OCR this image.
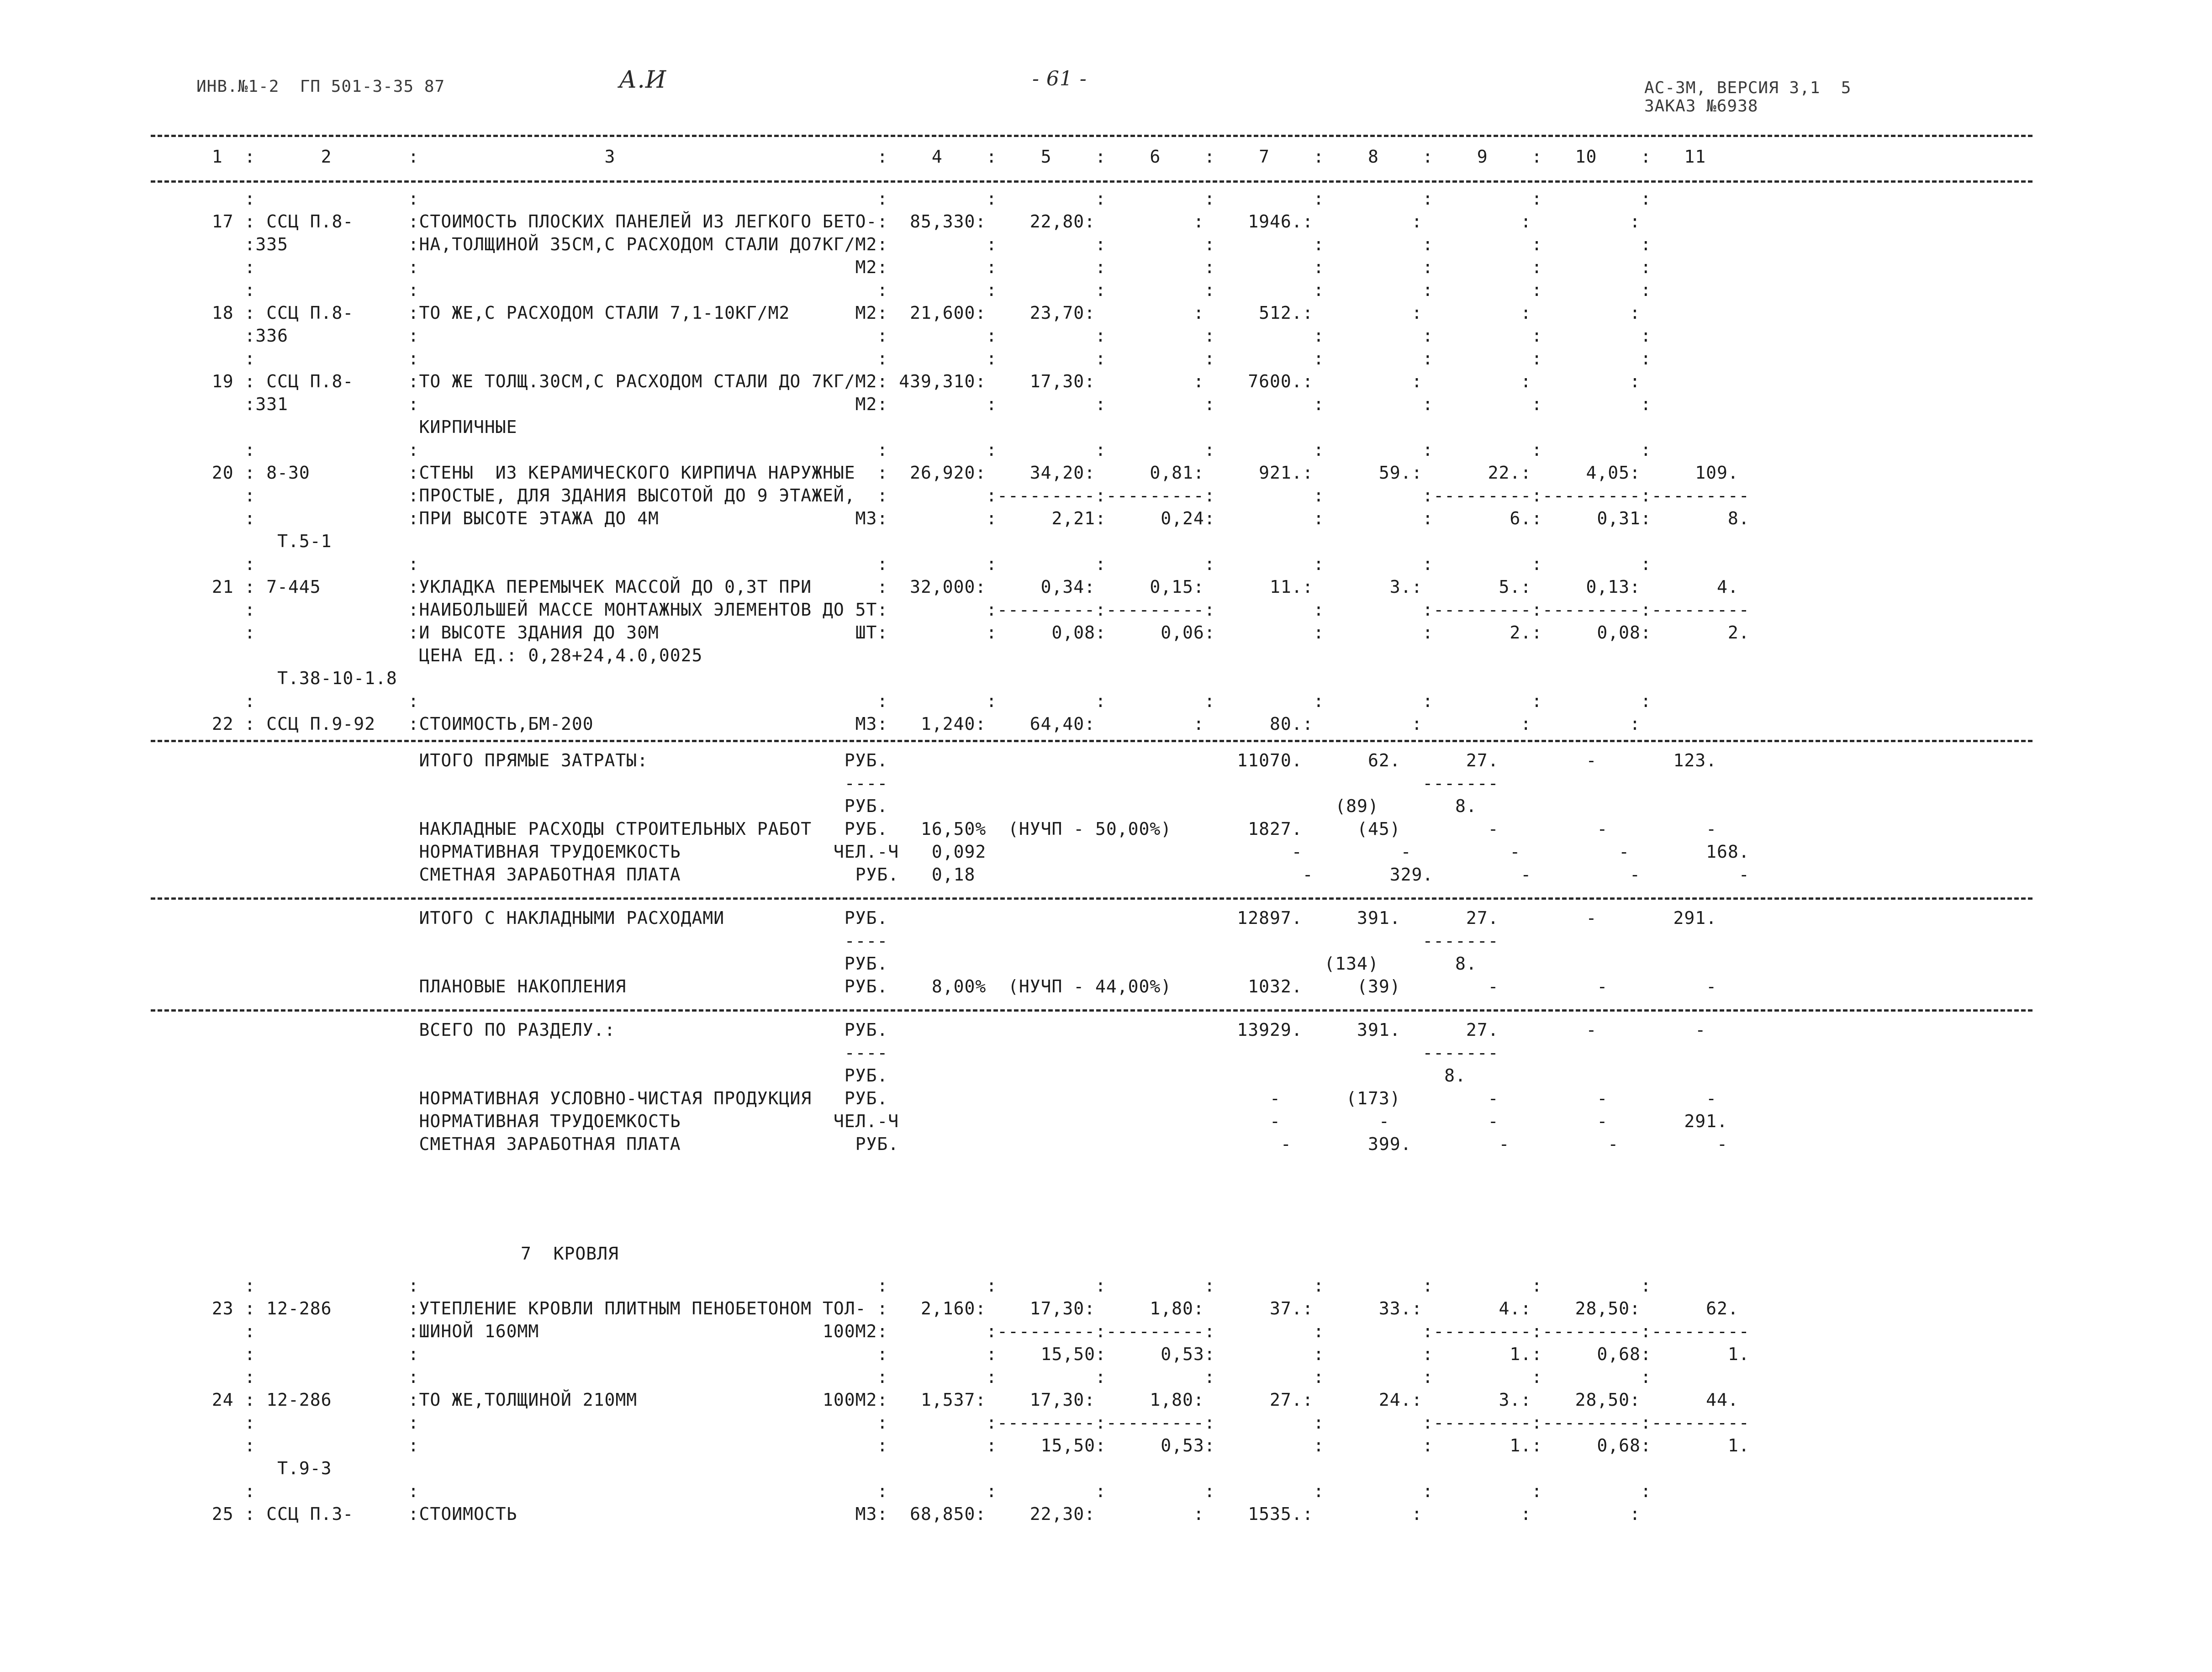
ИНВ.№1-2  ГП 501-3-35 87	А.И	- 61 -	АС-3М, ВЕРСИЯ 3,1  5
ЗАКАЗ №6938
1  :      2       :                 3                        :    4    :    5    :    6    :    7    :    8    :    9    :   10    :   11
:              :                                          :         :         :         :         :         :         :         :
17 : ССЦ П.8-     :СТОИМОСТЬ ПЛОСКИХ ПАНЕЛЕЙ ИЗ ЛЕГКОГО БЕТО-:  85,330:    22,80:         :    1946.:         :         :         :
:335           :НА,ТОЛЩИНОЙ 35СМ,С РАСХОДОМ СТАЛИ ДО7КГ/М2:         :         :         :         :         :         :         :
:              :                                        М2:         :         :         :         :         :         :         :
:              :                                          :         :         :         :         :         :         :         :
18 : ССЦ П.8-     :ТО ЖЕ,С РАСХОДОМ СТАЛИ 7,1-10КГ/М2      М2:  21,600:    23,70:         :     512.:         :         :         :
:336           :                                          :         :         :         :         :         :         :         :
:              :                                          :         :         :         :         :         :         :         :
19 : ССЦ П.8-     :ТО ЖЕ ТОЛЩ.30СМ,С РАСХОДОМ СТАЛИ ДО 7КГ/М2: 439,310:    17,30:         :    7600.:         :         :         :
:331           :                                        М2:         :         :         :         :         :         :         :
КИРПИЧНЫЕ
:              :                                          :         :         :         :         :         :         :         :
20 : 8-30         :СТЕНЫ  ИЗ КЕРАМИЧЕСКОГО КИРПИЧА НАРУЖНЫЕ  :  26,920:    34,20:     0,81:     921.:      59.:      22.:     4,05:     109.
:              :ПРОСТЫЕ, ДЛЯ ЗДАНИЯ ВЫСОТОЙ ДО 9 ЭТАЖЕЙ,  :         :---------:---------:         :         :---------:---------:---------
:              :ПРИ ВЫСОТЕ ЭТАЖА ДО 4М                  М3:         :     2,21:     0,24:         :         :       6.:     0,31:       8.
Т.5-1
:              :                                          :         :         :         :         :         :         :         :
21 : 7-445        :УКЛАДКА ПЕРЕМЫЧЕК МАССОЙ ДО 0,3Т ПРИ      :  32,000:     0,34:     0,15:      11.:       3.:       5.:     0,13:       4.
:              :НАИБОЛЬШЕЙ МАССЕ МОНТАЖНЫХ ЭЛЕМЕНТОВ ДО 5Т:         :---------:---------:         :         :---------:---------:---------
:              :И ВЫСОТЕ ЗДАНИЯ ДО 30М                  ШТ:         :     0,08:     0,06:         :         :       2.:     0,08:       2.
ЦЕНА ЕД.: 0,28+24,4.0,0025
Т.38-10-1.8
:              :                                          :         :         :         :         :         :         :         :
22 : ССЦ П.9-92   :СТОИМОСТЬ,БМ-200                        М3:   1,240:    64,40:         :      80.:         :         :         :
ИТОГО ПРЯМЫЕ ЗАТРАТЫ:                  РУБ.                                11070.      62.      27.        -       123.
----                                                 -------
РУБ.                                         (89)       8.
НАКЛАДНЫЕ РАСХОДЫ СТРОИТЕЛЬНЫХ РАБОТ   РУБ.   16,50%  (НУЧП - 50,00%)       1827.     (45)        -         -         -
НОРМАТИВНАЯ ТРУДОЕМКОСТЬ              ЧЕЛ.-Ч   0,092                            -         -         -         -       168.
СМЕТНАЯ ЗАРАБОТНАЯ ПЛАТА                РУБ.   0,18                              -       329.        -         -         -
ИТОГО С НАКЛАДНЫМИ РАСХОДАМИ           РУБ.                                12897.     391.      27.        -       291.
----                                                 -------
РУБ.                                        (134)       8.
ПЛАНОВЫЕ НАКОПЛЕНИЯ                    РУБ.    8,00%  (НУЧП - 44,00%)       1032.     (39)        -         -         -
ВСЕГО ПО РАЗДЕЛУ.:                     РУБ.                                13929.     391.      27.        -         -
----                                                 -------
РУБ.                                                   8.
НОРМАТИВНАЯ УСЛОВНО-ЧИСТАЯ ПРОДУКЦИЯ   РУБ.                                   -      (173)        -         -         -
НОРМАТИВНАЯ ТРУДОЕМКОСТЬ              ЧЕЛ.-Ч                                  -         -         -         -       291.
СМЕТНАЯ ЗАРАБОТНАЯ ПЛАТА                РУБ.                                   -       399.        -         -         -
7  КРОВЛЯ
:              :                                          :         :         :         :         :         :         :         :
23 : 12-286       :УТЕПЛЕНИЕ КРОВЛИ ПЛИТНЫМ ПЕНОБЕТОНОМ ТОЛ- :   2,160:    17,30:     1,80:      37.:      33.:       4.:    28,50:      62.
:              :ШИНОЙ 160ММ                          100М2:         :---------:---------:         :         :---------:---------:---------
:              :                                          :         :    15,50:     0,53:         :         :       1.:     0,68:       1.
:              :                                          :         :         :         :         :         :         :         :
24 : 12-286       :ТО ЖЕ,ТОЛЩИНОЙ 210ММ                 100М2:   1,537:    17,30:     1,80:      27.:      24.:       3.:    28,50:      44.
:              :                                          :         :---------:---------:         :         :---------:---------:---------
:              :                                          :         :    15,50:     0,53:         :         :       1.:     0,68:       1.
Т.9-3
:              :                                          :         :         :         :         :         :         :         :
25 : ССЦ П.3-     :СТОИМОСТЬ                               М3:  68,850:    22,30:         :    1535.:         :         :         :
